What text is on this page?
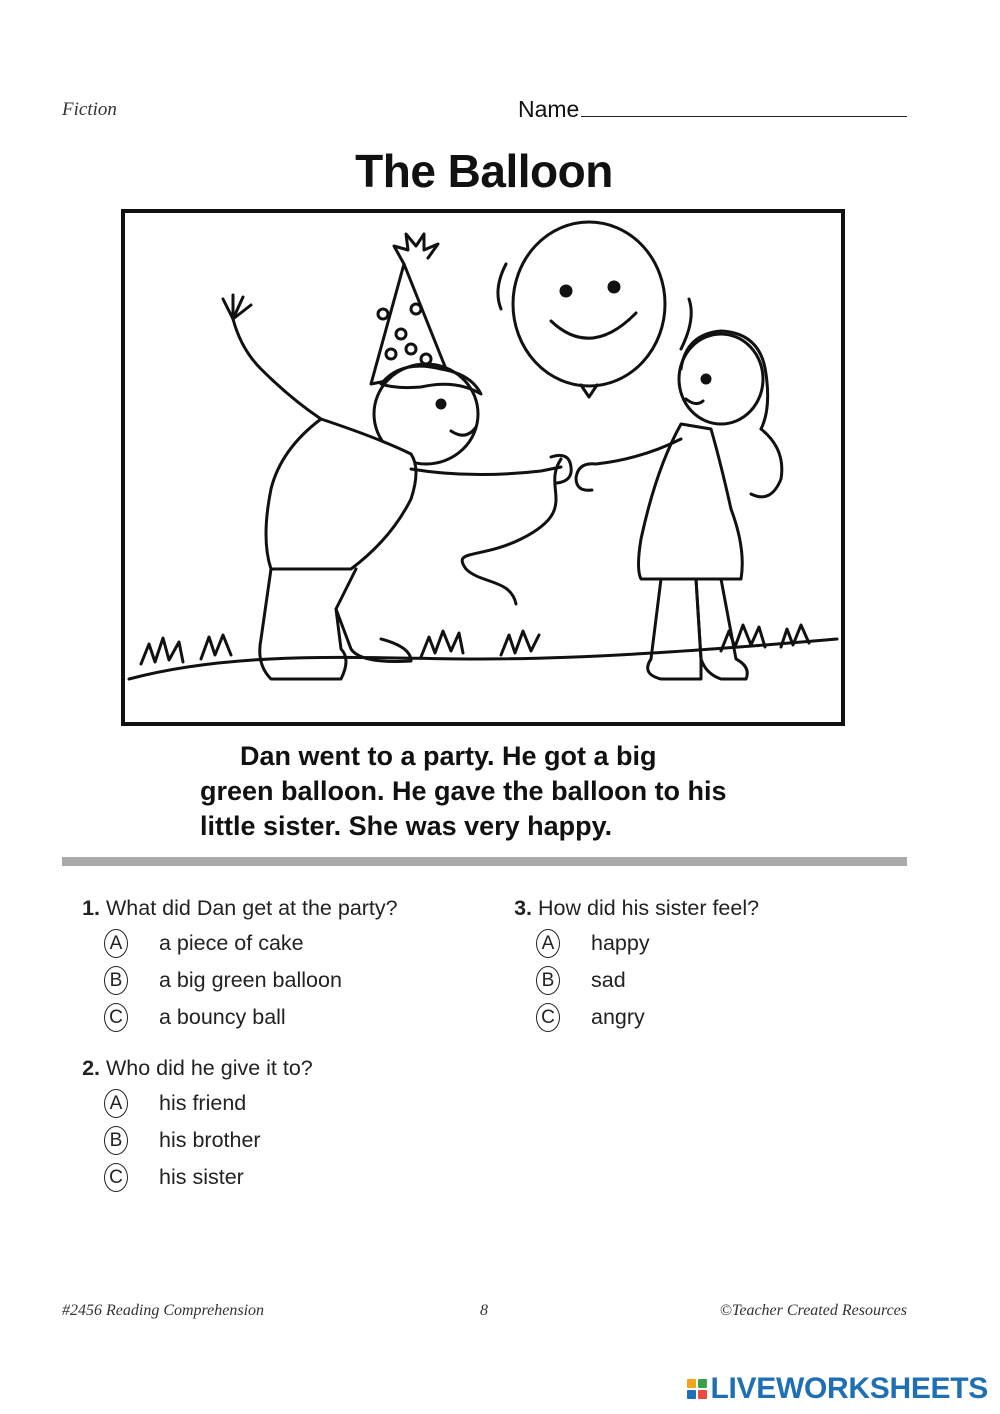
Fiction	Name
The Balloon
Dan went to a party. He got a big
green balloon. He gave the balloon to his
little sister. She was very happy.
1. What did Dan get at the party?
A a piece of cake
B a big green balloon
C a bouncy ball
2. Who did he give it to?
A his friend
B his brother
C his sister
3. How did his sister feel?
A happy
B sad
C angry
#2456 Reading Comprehension	8	©Teacher Created Resources
LIVEWORKSHEETS
